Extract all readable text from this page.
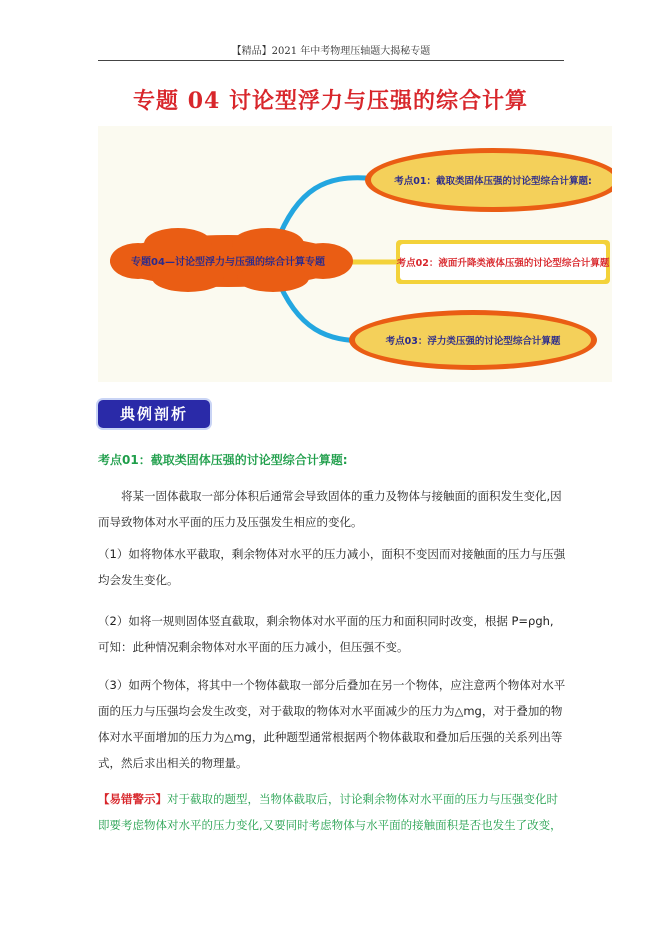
【精品】2021 年中考物理压轴题大揭秘专题
专题 04 讨论型浮力与压强的综合计算
专题04—讨论型浮力与压强的综合计算专题
考点01：截取类固体压强的讨论型综合计算题:
考点02：液面升降类液体压强的讨论型综合计算题
考点03：浮力类压强的讨论型综合计算题
典例剖析
考点01：截取类固体压强的讨论型综合计算题:
将某一固体截取一部分体积后通常会导致固体的重力及物体与接触面的面积发生变化,因而导致物体对水平面的压力及压强发生相应的变化。
（1）如将物体水平截取，剩余物体对水平的压力减小，面积不变因而对接触面的压力与压强均会发生变化。
（2）如将一规则固体竖直截取，剩余物体对水平面的压力和面积同时改变，根据 P=ρgh, 可知：此种情况剩余物体对水平面的压力减小，但压强不变。
（3）如两个物体，将其中一个物体截取一部分后叠加在另一个物体，应注意两个物体对水平面的压力与压强均会发生改变，对于截取的物体对水平面减少的压力为△mg，对于叠加的物体对水平面增加的压力为△mg，此种题型通常根据两个物体截取和叠加后压强的关系列出等式，然后求出相关的物理量。
【易错警示】对于截取的题型，当物体截取后，讨论剩余物体对水平面的压力与压强变化时即要考虑物体对水平的压力变化,又要同时考虑物体与水平面的接触面积是否也发生了改变，
